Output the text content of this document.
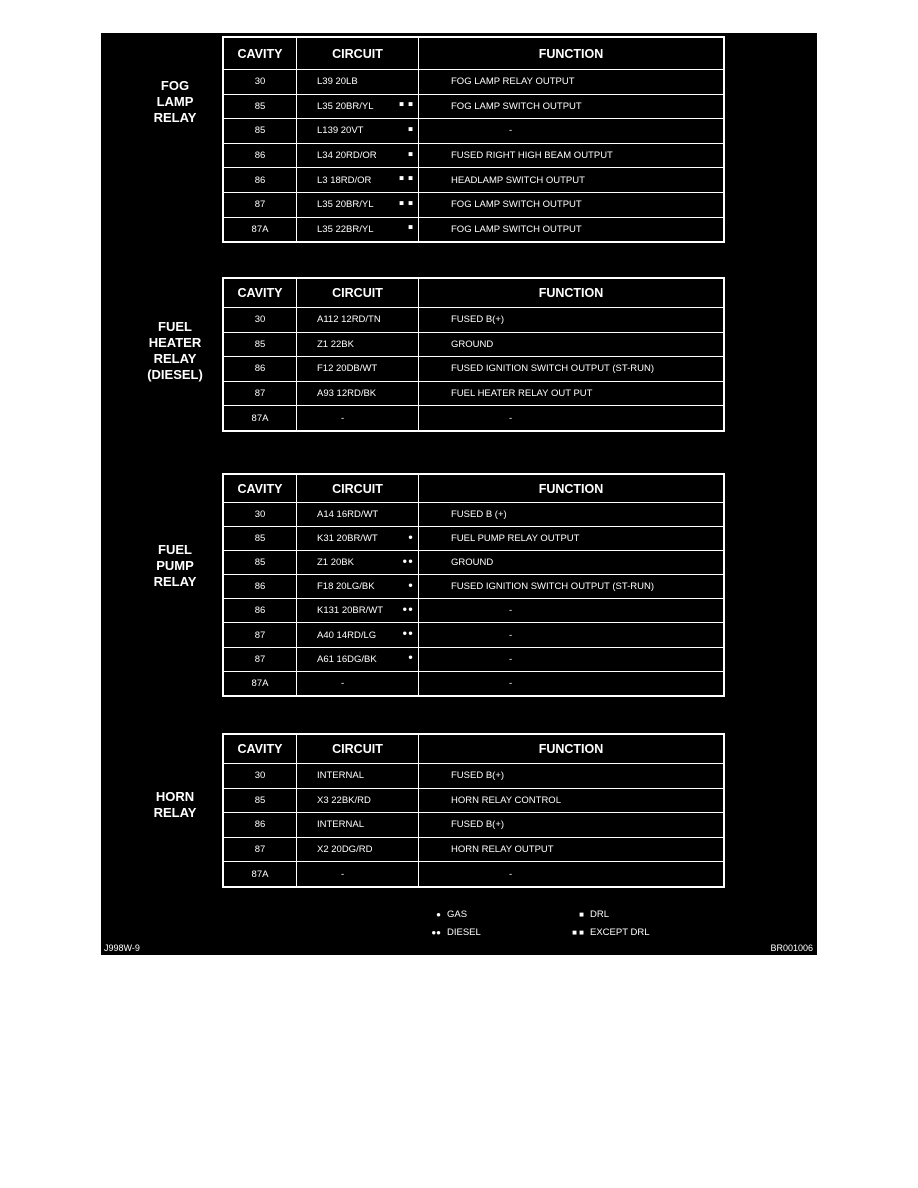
FOG
LAMP
RELAY
CAVITY	CIRCUIT	FUNCTION
30	L39 20LB	FOG LAMP RELAY OUTPUT
85	L35 20BR/YL	■ ■	FOG LAMP SWITCH OUTPUT
85	L139 20VT	■	-
86	L34 20RD/OR	■	FUSED RIGHT HIGH BEAM OUTPUT
86	L3 18RD/OR	■ ■	HEADLAMP SWITCH OUTPUT
87	L35 20BR/YL	■ ■	FOG LAMP SWITCH OUTPUT
87A	L35 22BR/YL	■	FOG LAMP SWITCH OUTPUT
FUEL
HEATER
RELAY
(DIESEL)
CAVITY	CIRCUIT	FUNCTION
30	A112 12RD/TN	FUSED B(+)
85	Z1 22BK	GROUND
86	F12 20DB/WT	FUSED IGNITION SWITCH OUTPUT (ST-RUN)
87	A93 12RD/BK	FUEL HEATER RELAY OUT PUT
87A	-	-
FUEL
PUMP
RELAY
CAVITY	CIRCUIT	FUNCTION
30	A14 16RD/WT	FUSED B (+)
85	K31 20BR/WT	●	FUEL PUMP RELAY OUTPUT
85	Z1 20BK	●●	GROUND
86	F18 20LG/BK	●	FUSED IGNITION SWITCH OUTPUT (ST-RUN)
86	K131 20BR/WT ●●	-
87	A40 14RD/LG	●●	-
87	A61 16DG/BK	●	-
87A	-	-
HORN
RELAY
CAVITY	CIRCUIT	FUNCTION
30	INTERNAL	FUSED B(+)
85	X3 22BK/RD	HORN RELAY CONTROL
86	INTERNAL	FUSED B(+)
87	X2 20DG/RD	HORN RELAY OUTPUT
87A	-	-
● GAS
●● DIESEL
■ DRL
■ ■ EXCEPT DRL
J998W-9	BR001006
